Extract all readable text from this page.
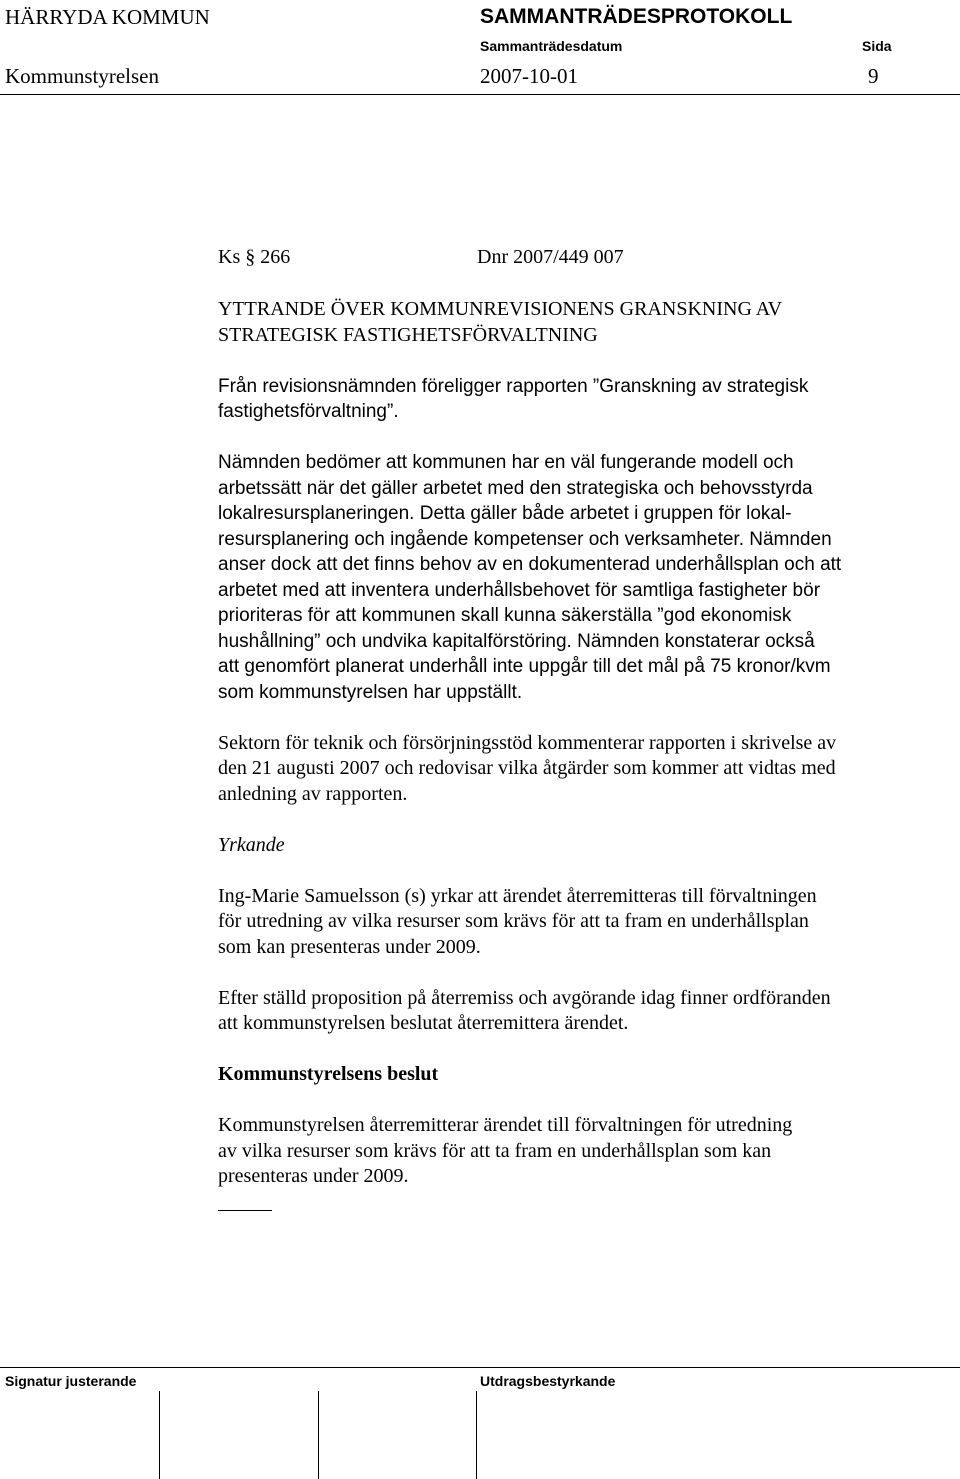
HÄRRYDA KOMMUN	SAMMANTRÄDESPROTOKOLL
Sammanträdesdatum	Sida
Kommunstyrelsen	2007-10-01	9
Ks § 266	Dnr 2007/449 007
YTTRANDE ÖVER KOMMUNREVISIONENS GRANSKNING AV
STRATEGISK FASTIGHETSFÖRVALTNING
Från revisionsnämnden föreligger rapporten ”Granskning av strategisk
fastighetsförvaltning”.
Nämnden bedömer att kommunen har en väl fungerande modell och
arbetssätt när det gäller arbetet med den strategiska och behovsstyrda
lokalresursplaneringen. Detta gäller både arbetet i gruppen för lokal-
resursplanering och ingående kompetenser och verksamheter. Nämnden
anser dock att det finns behov av en dokumenterad underhållsplan och att
arbetet med att inventera underhållsbehovet för samtliga fastigheter bör
prioriteras för att kommunen skall kunna säkerställa ”god ekonomisk
hushållning” och undvika kapitalförstöring. Nämnden konstaterar också
att genomfört planerat underhåll inte uppgår till det mål på 75 kronor/kvm
som kommunstyrelsen har uppställt.
Sektorn för teknik och försörjningsstöd kommenterar rapporten i skrivelse av
den 21 augusti 2007 och redovisar vilka åtgärder som kommer att vidtas med
anledning av rapporten.
Yrkande
Ing-Marie Samuelsson (s) yrkar att ärendet återremitteras till förvaltningen
för utredning av vilka resurser som krävs för att ta fram en underhållsplan
som kan presenteras under 2009.
Efter ställd proposition på återremiss och avgörande idag finner ordföranden
att kommunstyrelsen beslutat återremittera ärendet.
Kommunstyrelsens beslut
Kommunstyrelsen återremitterar ärendet till förvaltningen för utredning
av vilka resurser som krävs för att ta fram en underhållsplan som kan
presenteras under 2009.
Signatur justerande	Utdragsbestyrkande
